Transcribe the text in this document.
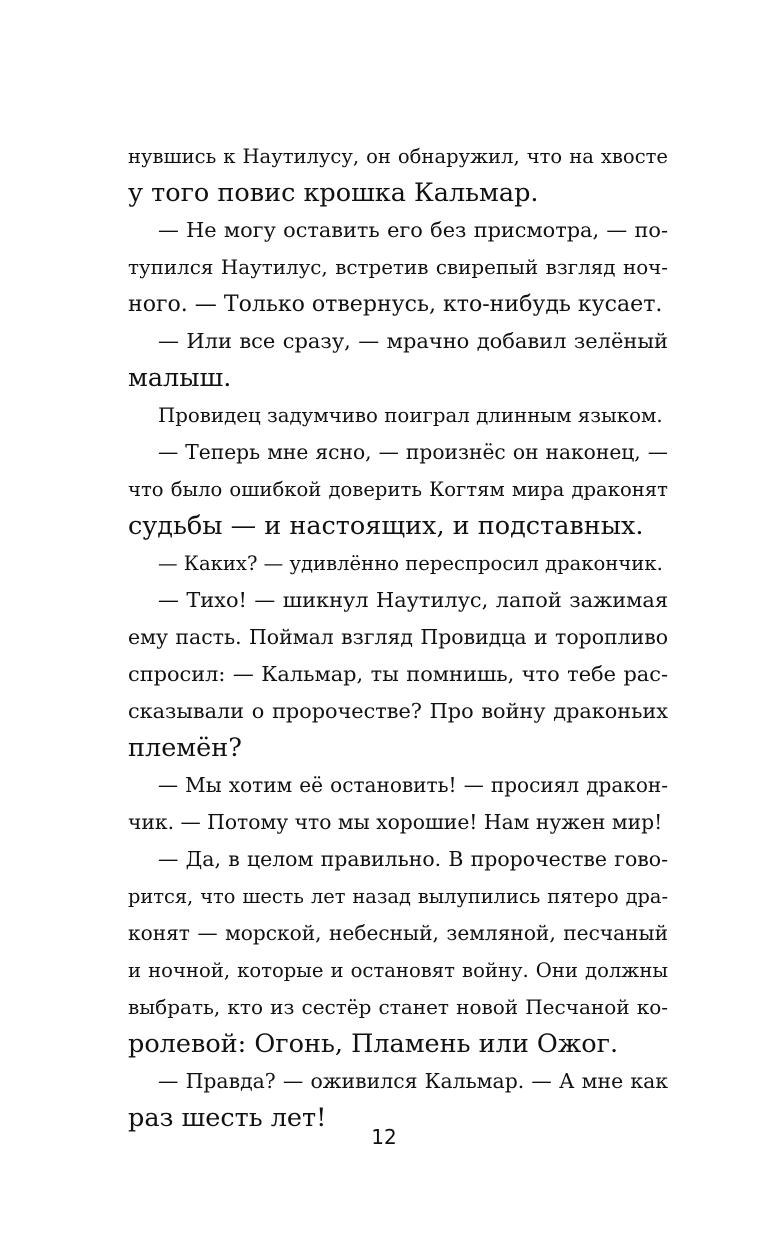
нувшись к Наутилусу, он обнаружил, что на хвосте
у того повис крошка Кальмар.
— Не могу оставить его без присмотра, — по-
тупился Наутилус, встретив свирепый взгляд ноч-
ного. — Только отвернусь, кто-нибудь кусает.
— Или все сразу, — мрачно добавил зелёный
малыш.
Провидец задумчиво поиграл длинным языком.
— Теперь мне ясно, — произнёс он наконец, —
что было ошибкой доверить Когтям мира драконят
судьбы — и настоящих, и подставных.
— Каких? — удивлённо переспросил дракончик.
— Тихо! — шикнул Наутилус, лапой зажимая
ему пасть. Поймал взгляд Провидца и торопливо
спросил: — Кальмар, ты помнишь, что тебе рас-
сказывали о пророчестве? Про войну драконьих
племён?
— Мы хотим её остановить! — просиял дракон-
чик. — Потому что мы хорошие! Нам нужен мир!
— Да, в целом правильно. В пророчестве гово-
рится, что шесть лет назад вылупились пятеро дра-
конят — морской, небесный, земляной, песчаный
и ночной, которые и остановят войну. Они должны
выбрать, кто из сестёр станет новой Песчаной ко-
ролевой: Огонь, Пламень или Ожог.
— Правда? — оживился Кальмар. — А мне как
раз шесть лет!
12
